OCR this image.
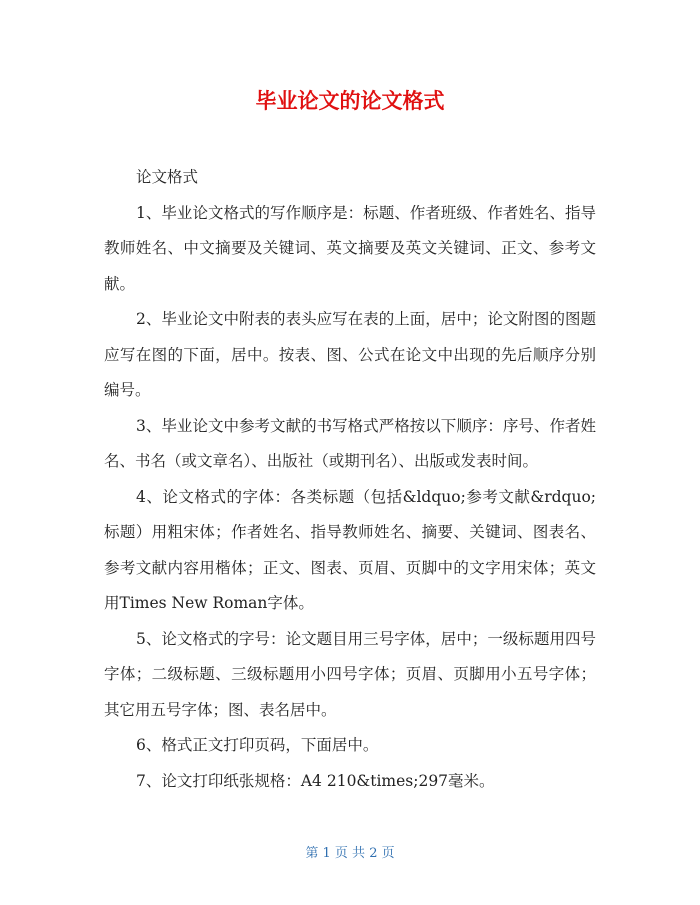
毕业论文的论文格式

论文格式

1、毕业论文格式的写作顺序是：标题、作者班级、作者姓名、指导教师姓名、中文摘要及关键词、英文摘要及英文关键词、正文、参考文献。

2、毕业论文中附表的表头应写在表的上面，居中；论文附图的图题应写在图的下面，居中。按表、图、公式在论文中出现的先后顺序分别编号。

3、毕业论文中参考文献的书写格式严格按以下顺序：序号、作者姓名、书名（或文章名）、出版社（或期刊名）、出版或发表时间。

4、论文格式的字体：各类标题（包括&ldquo;参考文献&rdquo;标题）用粗宋体；作者姓名、指导教师姓名、摘要、关键词、图表名、参考文献内容用楷体；正文、图表、页眉、页脚中的文字用宋体；英文用Times New Roman字体。

5、论文格式的字号：论文题目用三号字体，居中；一级标题用四号字体；二级标题、三级标题用小四号字体；页眉、页脚用小五号字体；其它用五号字体；图、表名居中。

6、格式正文打印页码，下面居中。

7、论文打印纸张规格：A4 210&times;297毫米。

第 1 页 共 2 页
